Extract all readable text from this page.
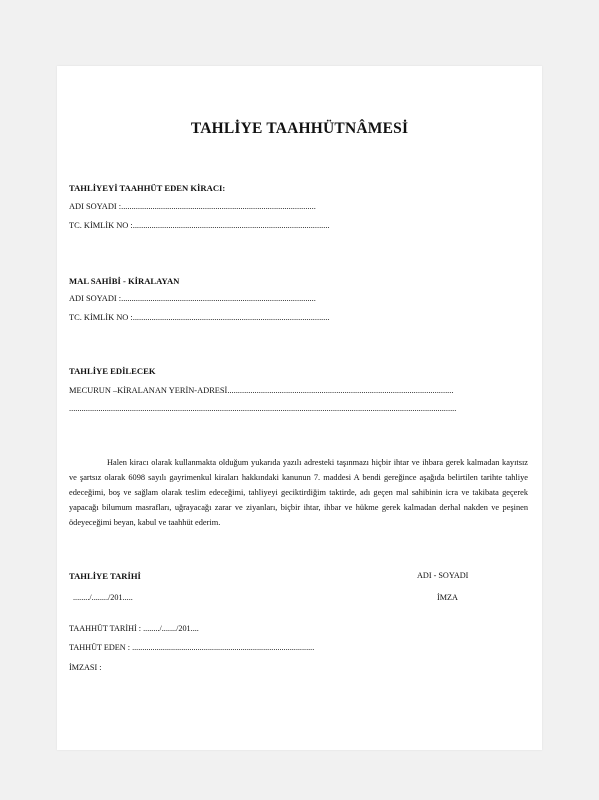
TAHLİYE TAAHHÜTNÂMESİ
TAHLİYEYİ TAAHHÜT EDEN KİRACI:
ADI SOYADI :.............................................................................................
TC. KİMLİK NO :..............................................................................................
MAL SAHİBİ - KİRALAYAN
ADI SOYADI :.............................................................................................
TC. KİMLİK NO :..............................................................................................
TAHLİYE EDİLECEK
MECURUN –KİRALANAN YERİN-ADRESİ............................................................................................................
.........................................................................................................................................................................................
Halen kiracı olarak kullanmakta olduğum yukarıda yazılı adresteki taşınmazı hiçbir ihtar ve ihbara gerek kalmadan kayıtsız ve şartsız olarak 6098 sayılı gayrimenkul kiraları hakkındaki kanunun 7. maddesi A bendi gereğince aşağıda belirtilen tarihte tahliye edeceğimi, boş ve sağlam olarak teslim edeceğimi, tahliyeyi geciktirdiğim taktirde, adı geçen mal sahibinin icra ve takibata geçerek yapacağı bilumum masrafları, uğrayacağı zarar ve ziyanları, biçbir ihtar, ihbar ve hükme gerek kalmadan derhal nakden ve peşinen ödeyeceğimi beyan, kabul ve taahhüt ederim.
TAHLİYE TARİHİ
......../......../201.....
ADI - SOYADI
İMZA
TAAHHÜT TARİHİ : ......../......./201....
TAHHÜT EDEN : .........................................................................................
İMZASI :
